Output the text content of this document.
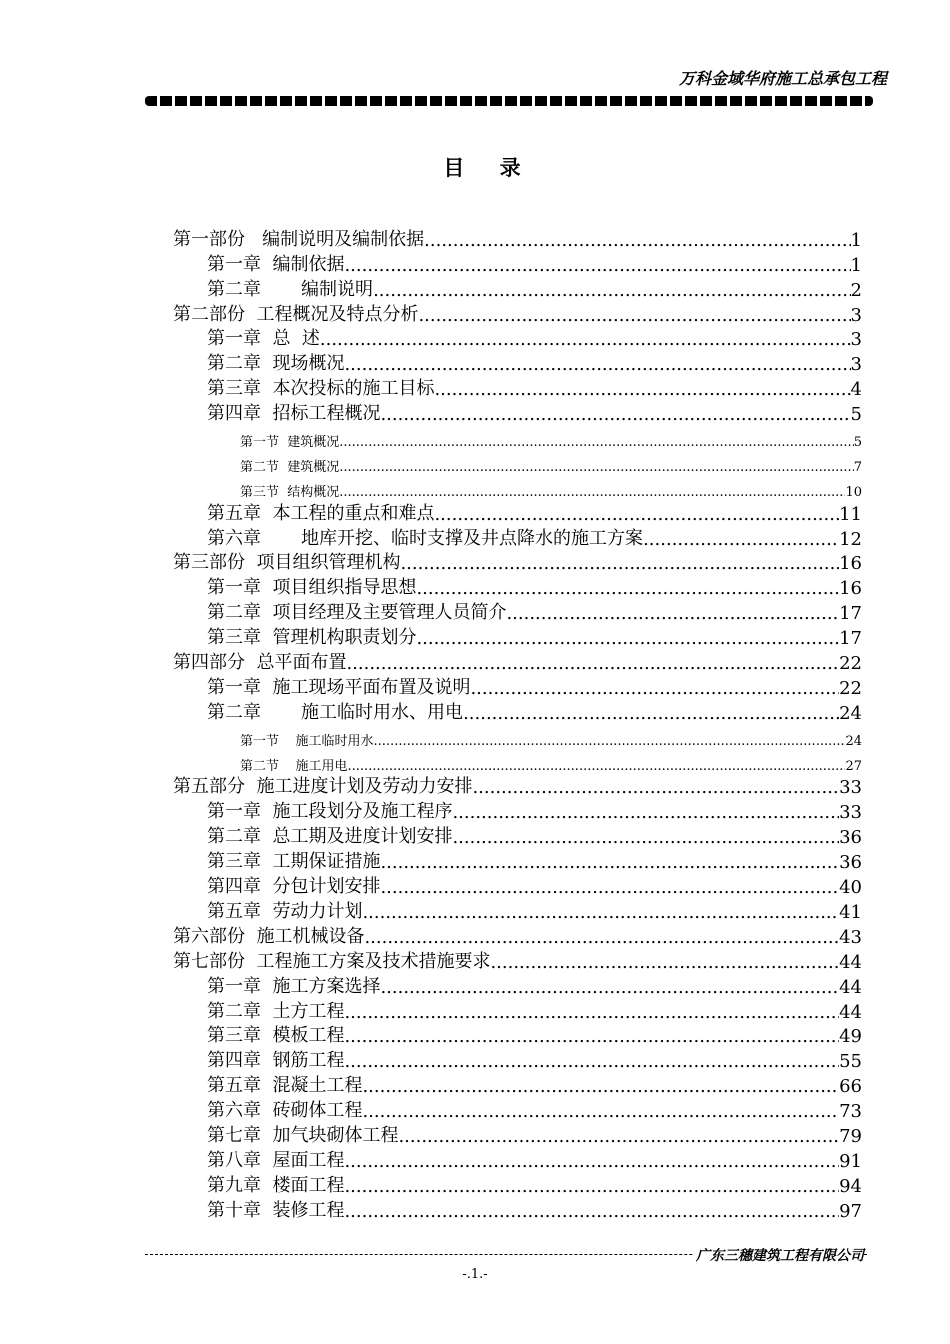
万科金域华府施工总承包工程
目 录
第一部份   编制说明及编制依据 .....	1
第一章  编制依据 .....	1
第二章       编制说明 .....	2
第二部份  工程概况及特点分析 .....	3
第一章  总  述 .....	3
第二章  现场概况 .....	3
第三章  本次投标的施工目标 .....	4
第四章  招标工程概况 .....	5
第一节  建筑概况 .....	5
第二节  建筑概况 .....	7
第三节  结构概况 .....	10
第五章  本工程的重点和难点 .....	11
第六章       地库开挖、临时支撑及井点降水的施工方案 .....	12
第三部份  项目组织管理机构 .....	16
第一章  项目组织指导思想 .....	16
第二章  项目经理及主要管理人员简介 .....	17
第三章  管理机构职责划分 .....	17
第四部分  总平面布置 .....	22
第一章  施工现场平面布置及说明 .....	22
第二章       施工临时用水、用电 .....	24
第一节    施工临时用水 .....	24
第二节    施工用电 .....	27
第五部分  施工进度计划及劳动力安排 .....	33
第一章  施工段划分及施工程序 .....	33
第二章  总工期及进度计划安排 .....	36
第三章  工期保证措施 .....	36
第四章  分包计划安排 .....	40
第五章  劳动力计划 .....	41
第六部份  施工机械设备 .....	43
第七部份  工程施工方案及技术措施要求 .....	44
第一章  施工方案选择 .....	44
第二章  土方工程 .....	44
第三章  模板工程 .....	49
第四章  钢筋工程 .....	55
第五章  混凝土工程 .....	66
第六章  砖砌体工程 .....	73
第七章  加气块砌体工程 .....	79
第八章  屋面工程 .....	91
第九章  楼面工程 .....	94
第十章  装修工程 .....	97
广东三穗建筑工程有限公司
-.1.-
